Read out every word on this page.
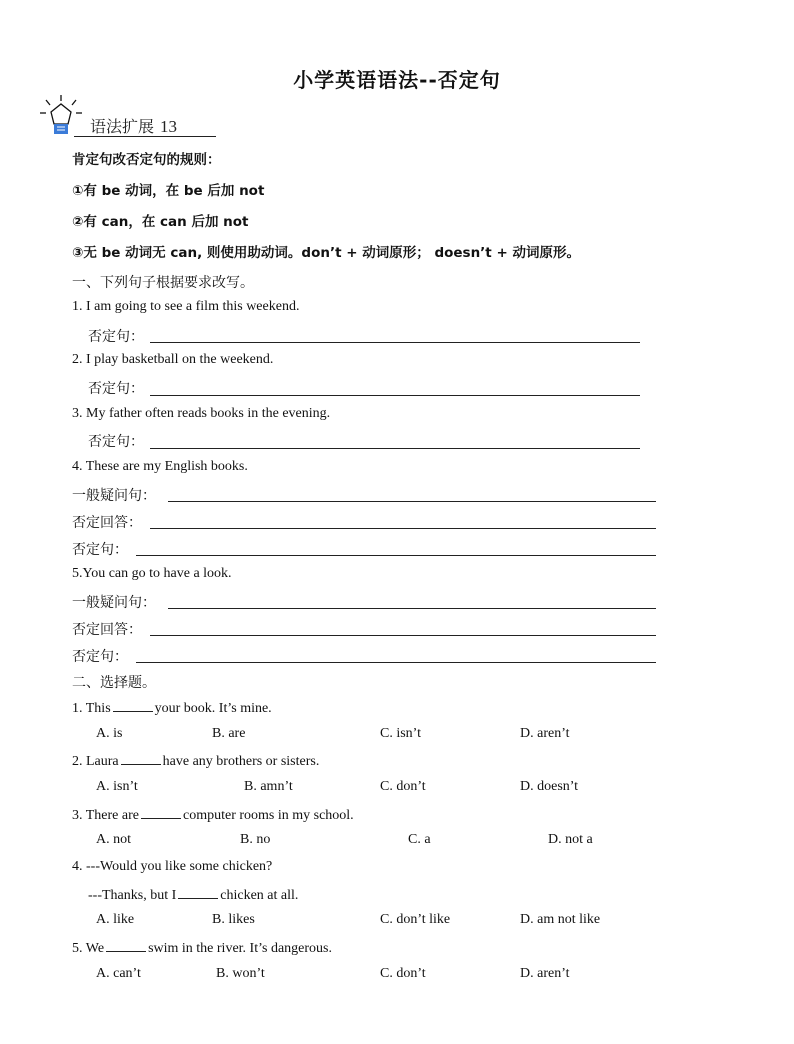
小学英语语法--否定句
语法扩展 13
肯定句改否定句的规则：
①有 be 动词，在 be 后加 not
②有 can，在 can 后加 not
③无 be 动词无 can, 则使用助动词。don’t + 动词原形； doesn’t + 动词原形。
一、下列句子根据要求改写。
1. I am going to see a film this weekend.
否定句：
2. I play basketball on the weekend.
否定句：
3. My father often reads books in the evening.
否定句：
4. These are my English books.
一般疑问句：
否定回答：
否定句：
5.You can go to have a look.
一般疑问句：
否定回答：
否定句：
二、选择题。
1. This	your book. It’s mine.
A. is	B. are	C. isn’t	D. aren’t
2. Laura	have any brothers or sisters.
A. isn’t	B. amn’t	C. don’t	D. doesn’t
3. There are	computer rooms in my school.
A. not	B. no	C. a	D. not a
4. ---Would you like some chicken?
---Thanks, but I	chicken at all.
A. like	B. likes	C. don’t like	D. am not like
5. We	swim in the river. It’s dangerous.
A. can’t	B. won’t	C. don’t	D. aren’t
